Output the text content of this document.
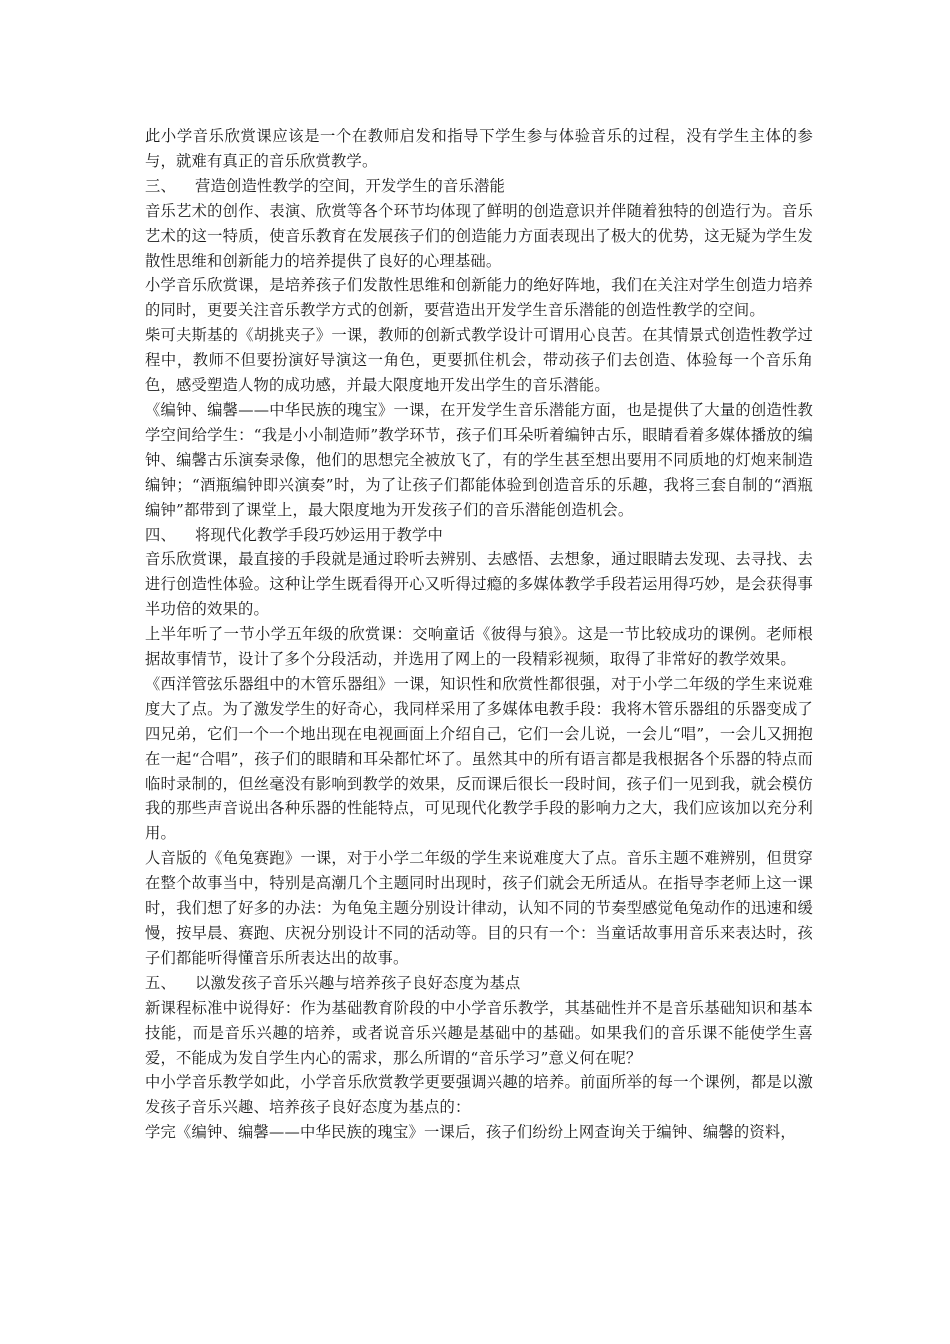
此小学音乐欣赏课应该是一个在教师启发和指导下学生参与体验音乐的过程，没有学生主体的参与，就难有真正的音乐欣赏教学。

三、 营造创造性教学的空间，开发学生的音乐潜能

音乐艺术的创作、表演、欣赏等各个环节均体现了鲜明的创造意识并伴随着独特的创造行为。音乐艺术的这一特质，使音乐教育在发展孩子们的创造能力方面表现出了极大的优势，这无疑为学生发散性思维和创新能力的培养提供了良好的心理基础。

小学音乐欣赏课，是培养孩子们发散性思维和创新能力的绝好阵地，我们在关注对学生创造力培养的同时，更要关注音乐教学方式的创新，要营造出开发学生音乐潜能的创造性教学的空间。

柴可夫斯基的《胡挑夹子》一课，教师的创新式教学设计可谓用心良苦。在其情景式创造性教学过程中，教师不但要扮演好导演这一角色，更要抓住机会，带动孩子们去创造、体验每一个音乐角色，感受塑造人物的成功感，并最大限度地开发出学生的音乐潜能。

《编钟、编馨——中华民族的瑰宝》一课，在开发学生音乐潜能方面，也是提供了大量的创造性教学空间给学生：“我是小小制造师”教学环节，孩子们耳朵听着编钟古乐，眼睛看着多媒体播放的编钟、编馨古乐演奏录像，他们的思想完全被放飞了，有的学生甚至想出要用不同质地的灯炮来制造编钟；“酒瓶编钟即兴演奏”时，为了让孩子们都能体验到创造音乐的乐趣，我将三套自制的“酒瓶编钟”都带到了课堂上，最大限度地为开发孩子们的音乐潜能创造机会。

四、 将现代化教学手段巧妙运用于教学中

音乐欣赏课，最直接的手段就是通过聆听去辨别、去感悟、去想象，通过眼睛去发现、去寻找、去进行创造性体验。这种让学生既看得开心又听得过瘾的多媒体教学手段若运用得巧妙，是会获得事半功倍的效果的。

上半年听了一节小学五年级的欣赏课：交响童话《彼得与狼》。这是一节比较成功的课例。老师根据故事情节，设计了多个分段活动，并选用了网上的一段精彩视频，取得了非常好的教学效果。

《西洋管弦乐器组中的木管乐器组》一课，知识性和欣赏性都很强，对于小学二年级的学生来说难度大了点。为了激发学生的好奇心，我同样采用了多媒体电教手段：我将木管乐器组的乐器变成了四兄弟，它们一个一个地出现在电视画面上介绍自己，它们一会儿说，一会儿“唱”，一会儿又拥抱在一起“合唱”，孩子们的眼睛和耳朵都忙坏了。虽然其中的所有语言都是我根据各个乐器的特点而临时录制的，但丝毫没有影响到教学的效果，反而课后很长一段时间，孩子们一见到我，就会模仿我的那些声音说出各种乐器的性能特点，可见现代化教学手段的影响力之大，我们应该加以充分利用。

人音版的《龟兔赛跑》一课，对于小学二年级的学生来说难度大了点。音乐主题不难辨别，但贯穿在整个故事当中，特别是高潮几个主题同时出现时，孩子们就会无所适从。在指导李老师上这一课时，我们想了好多的办法：为龟兔主题分别设计律动，认知不同的节奏型感觉龟兔动作的迅速和缓慢，按早晨、赛跑、庆祝分别设计不同的活动等。目的只有一个：当童话故事用音乐来表达时，孩子们都能听得懂音乐所表达出的故事。

五、 以激发孩子音乐兴趣与培养孩子良好态度为基点

新课程标准中说得好：作为基础教育阶段的中小学音乐教学，其基础性并不是音乐基础知识和基本技能，而是音乐兴趣的培养，或者说音乐兴趣是基础中的基础。如果我们的音乐课不能使学生喜爱，不能成为发自学生内心的需求，那么所谓的“音乐学习”意义何在呢？

中小学音乐教学如此，小学音乐欣赏教学更要强调兴趣的培养。前面所举的每一个课例，都是以激发孩子音乐兴趣、培养孩子良好态度为基点的：

学完《编钟、编馨——中华民族的瑰宝》一课后，孩子们纷纷上网查询关于编钟、编馨的资料，
